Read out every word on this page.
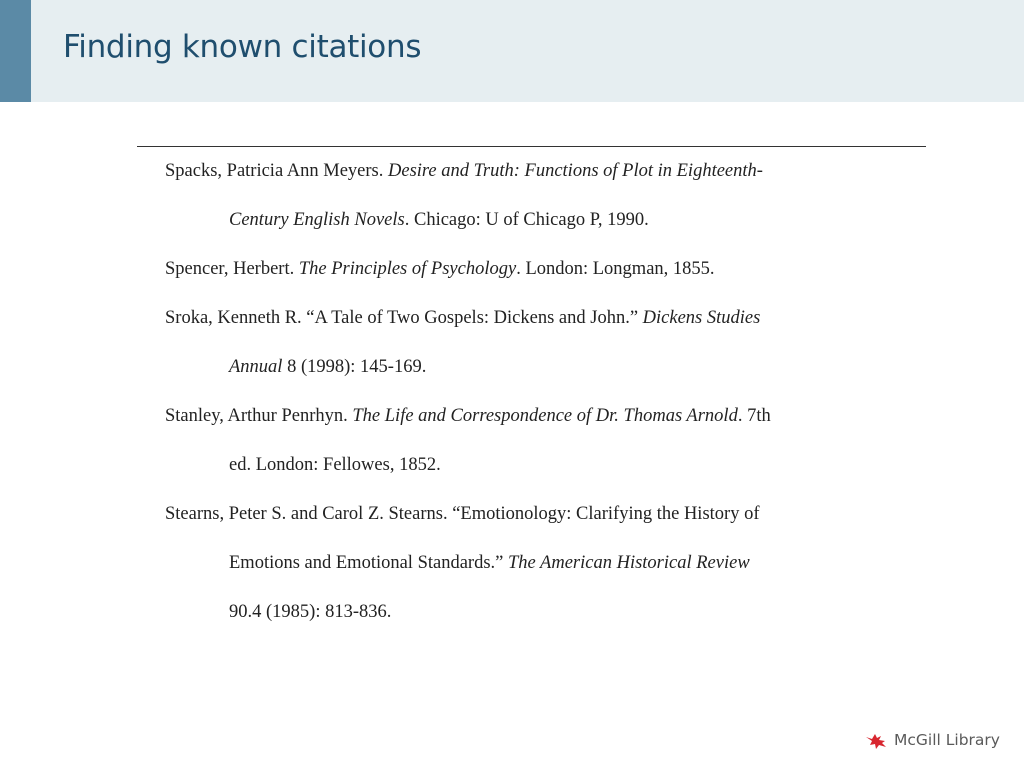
Finding known citations
Spacks, Patricia Ann Meyers. Desire and Truth: Functions of Plot in Eighteenth-
Century English Novels. Chicago: U of Chicago P, 1990.
Spencer, Herbert. The Principles of Psychology. London: Longman, 1855.
Sroka, Kenneth R. “A Tale of Two Gospels: Dickens and John.” Dickens Studies
Annual 8 (1998): 145-169.
Stanley, Arthur Penrhyn. The Life and Correspondence of Dr. Thomas Arnold. 7th
ed. London: Fellowes, 1852.
Stearns, Peter S. and Carol Z. Stearns. “Emotionology: Clarifying the History of
Emotions and Emotional Standards.” The American Historical Review
90.4 (1985): 813-836.
McGill Library
